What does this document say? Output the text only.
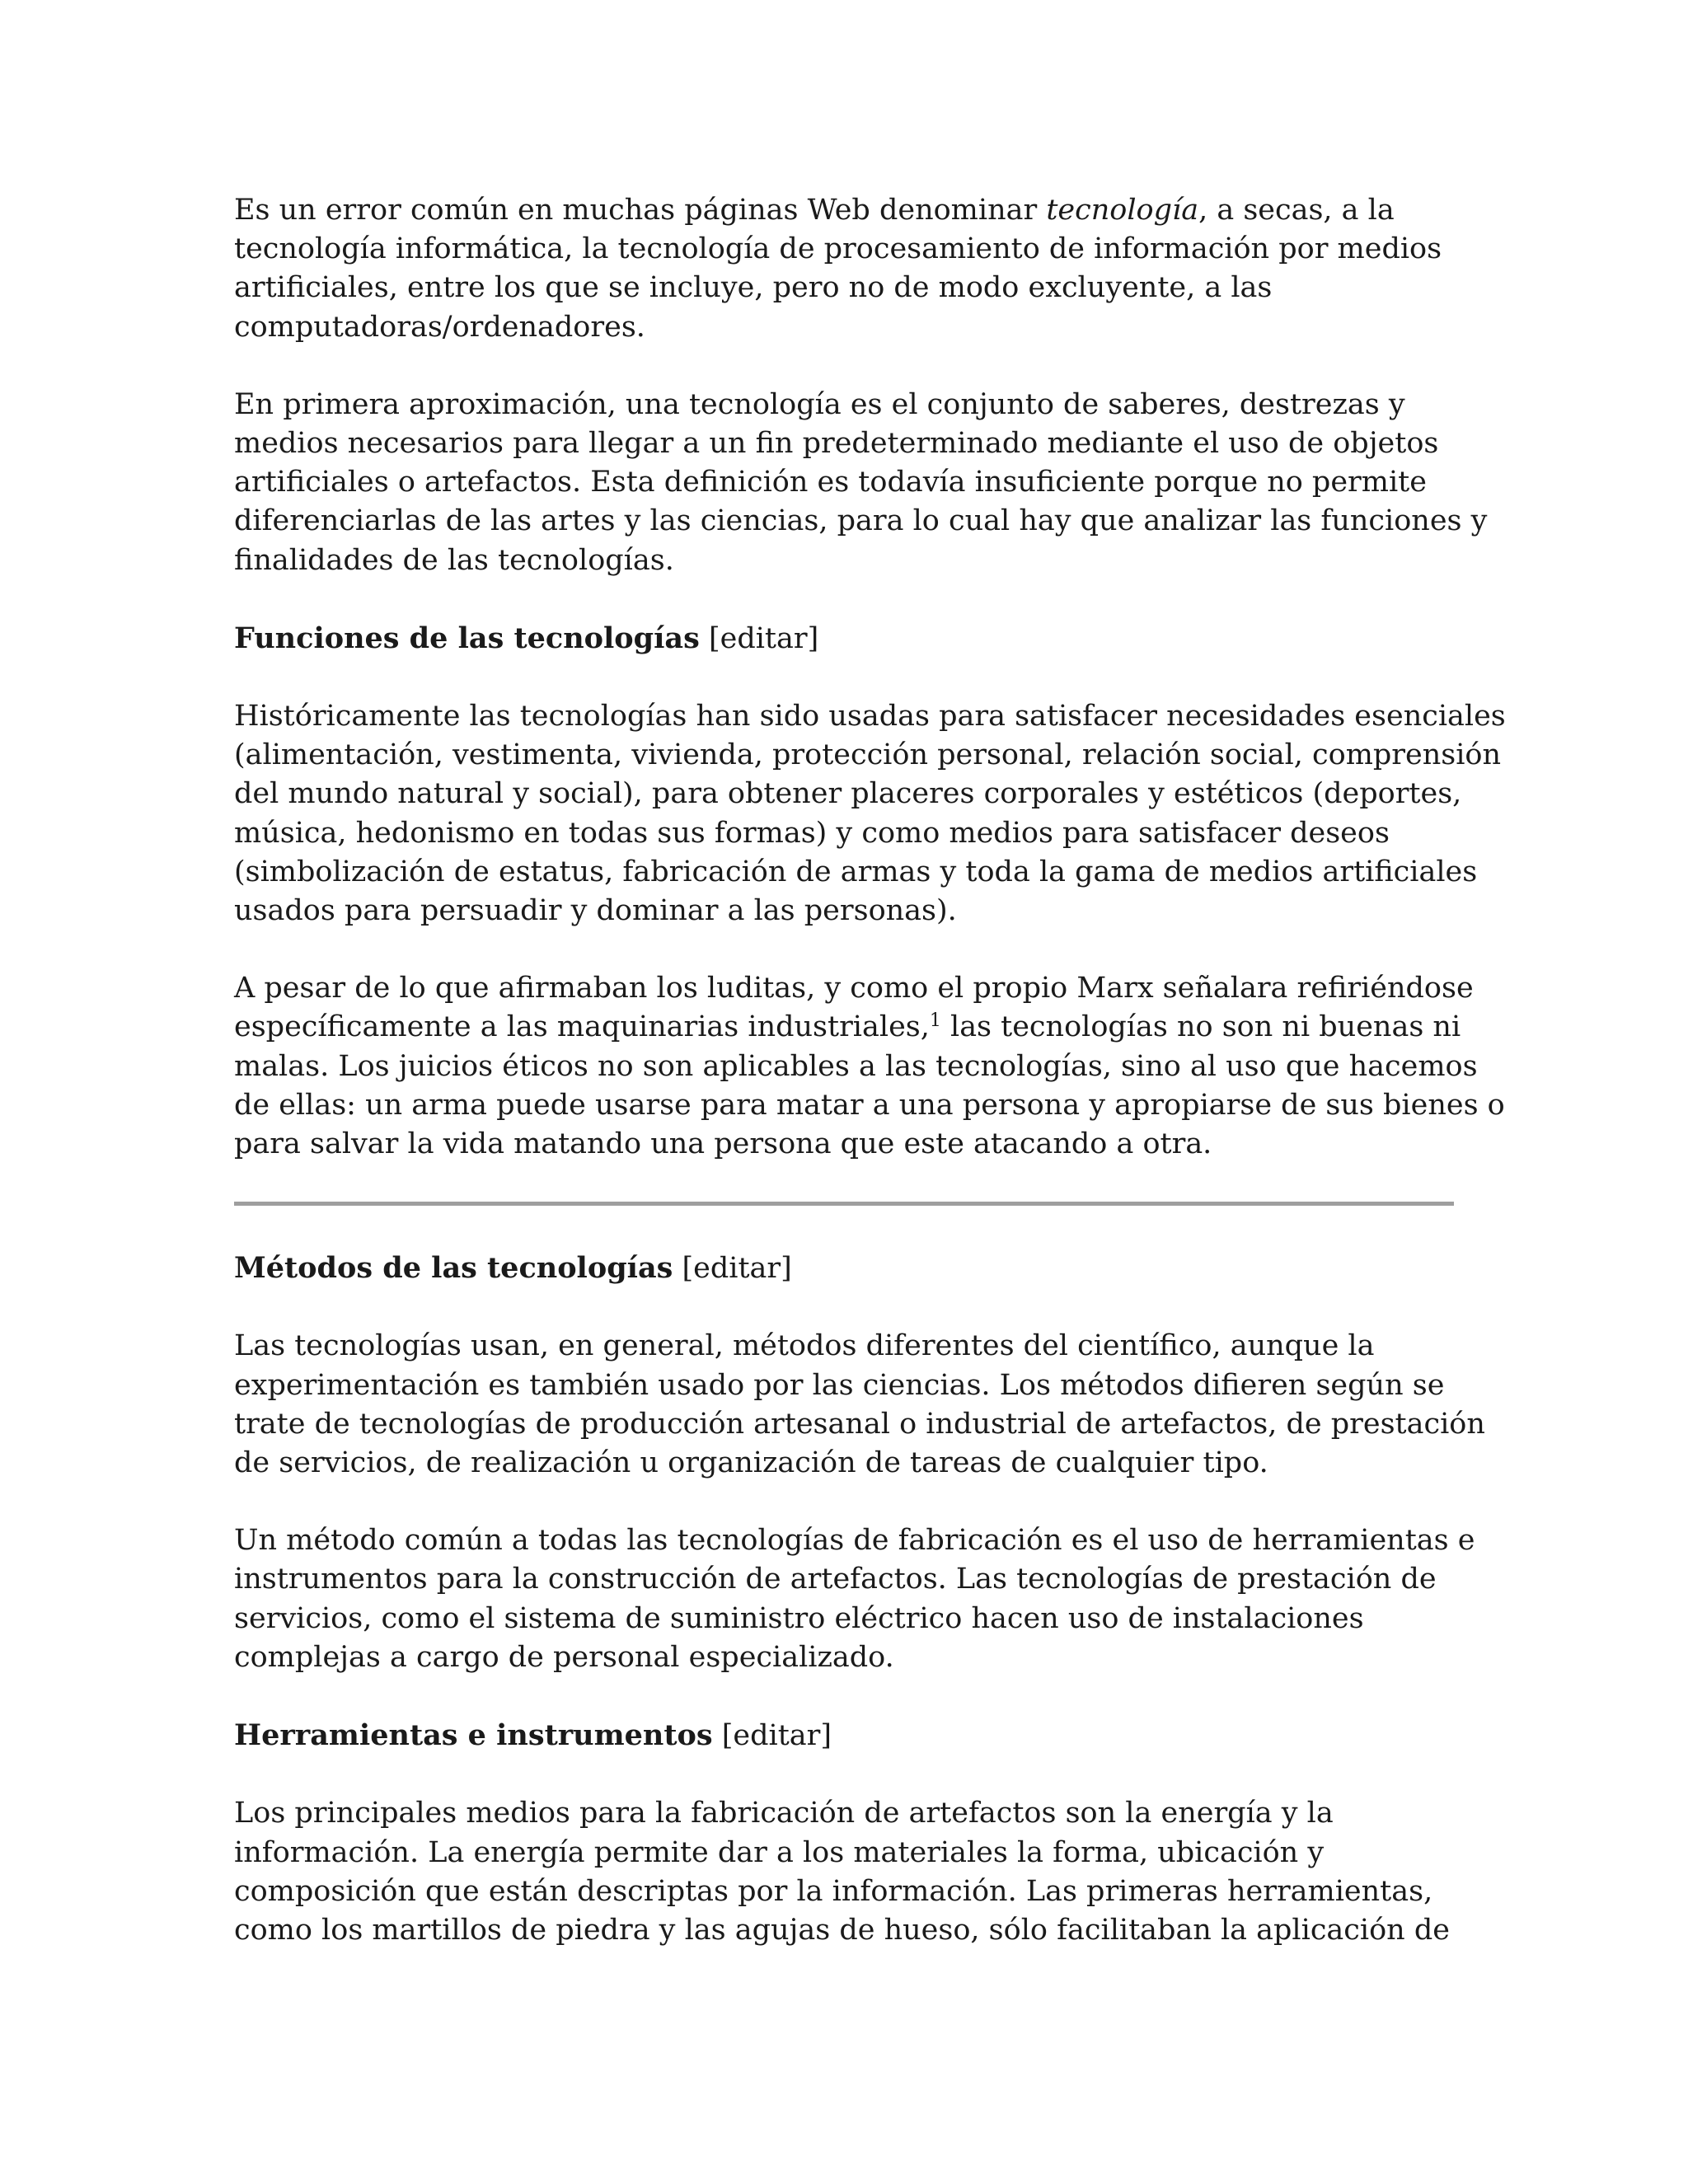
Es un error común en muchas páginas Web denominar tecnología, a secas, a la
tecnología informática, la tecnología de procesamiento de información por medios
artificiales, entre los que se incluye, pero no de modo excluyente, a las
computadoras/ordenadores.

En primera aproximación, una tecnología es el conjunto de saberes, destrezas y
medios necesarios para llegar a un fin predeterminado mediante el uso de objetos
artificiales o artefactos. Esta definición es todavía insuficiente porque no permite
diferenciarlas de las artes y las ciencias, para lo cual hay que analizar las funciones y
finalidades de las tecnologías.

Funciones de las tecnologías [editar]

Históricamente las tecnologías han sido usadas para satisfacer necesidades esenciales
(alimentación, vestimenta, vivienda, protección personal, relación social, comprensión
del mundo natural y social), para obtener placeres corporales y estéticos (deportes,
música, hedonismo en todas sus formas) y como medios para satisfacer deseos
(simbolización de estatus, fabricación de armas y toda la gama de medios artificiales
usados para persuadir y dominar a las personas).

A pesar de lo que afirmaban los luditas, y como el propio Marx señalara refiriéndose
específicamente a las maquinarias industriales,$^1$ las tecnologías no son ni buenas ni
malas. Los juicios éticos no son aplicables a las tecnologías, sino al uso que hacemos
de ellas: un arma puede usarse para matar a una persona y apropiarse de sus bienes o
para salvar la vida matando una persona que este atacando a otra.

Métodos de las tecnologías [editar]

Las tecnologías usan, en general, métodos diferentes del científico, aunque la
experimentación es también usado por las ciencias. Los métodos difieren según se
trate de tecnologías de producción artesanal o industrial de artefactos, de prestación
de servicios, de realización u organización de tareas de cualquier tipo.

Un método común a todas las tecnologías de fabricación es el uso de herramientas e
instrumentos para la construcción de artefactos. Las tecnologías de prestación de
servicios, como el sistema de suministro eléctrico hacen uso de instalaciones
complejas a cargo de personal especializado.

Herramientas e instrumentos [editar]

Los principales medios para la fabricación de artefactos son la energía y la
información. La energía permite dar a los materiales la forma, ubicación y
composición que están descriptas por la información. Las primeras herramientas,
como los martillos de piedra y las agujas de hueso, sólo facilitaban la aplicación de
